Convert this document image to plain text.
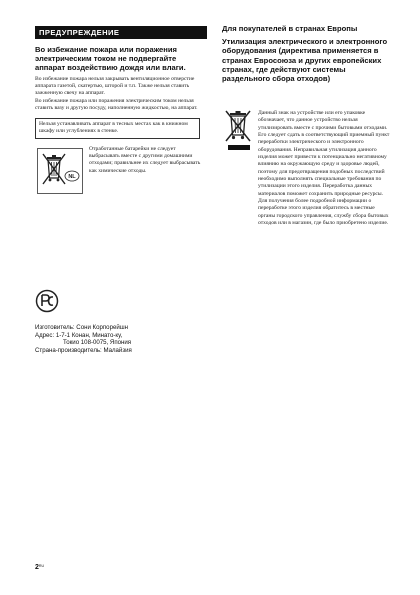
ПРЕДУПРЕЖДЕНИЕ
Во избежание пожара или поражения электрическим током не подвергайте аппарат воздействию дождя или влаги.

Во избежание пожара нельзя закрывать вентиляционное отверстие аппарата газетой, скатертью, шторой и т.п. Также нельзя ставить зажженную свечу на аппарат.

Во избежание пожара или поражения электрическим током нельзя ставить вазу и другую посуду, наполненную жидкостью, на аппарат.

Нельзя устанавливать аппарат в тесных местах как в книжном шкафу или углублениях в стенке.
NL
Отработанные батарейки не следует выбрасывать вместе с другими домашними отходами; правильнее их следует выбрасывать как химические отходы.
Изготовитель: Сони Корпорейшн
Адрес: 1-7-1 Конан, Минато-ку,
Токио 108-0075, Япония
Страна-производитель: Малайзия
Для покупателей в странах Европы
Утилизация электрического и электронного оборудования (директива применяется в странах Евросоюза и других европейских странах, где действуют системы раздельного сбора отходов)
Данный знак на устройстве или его упаковке обозначает, что данное устройство нельзя утилизировать вместе с прочими бытовыми отходами. Его следует сдать в соответствующий приемный пункт переработки электрического и электронного оборудования. Неправильная утилизация данного изделия может привести к потенциально негативному влиянию на окружающую среду и здоровье людей, поэтому для предотвращения подобных последствий необходимо выполнять специальные требования по утилизации этого изделия. Переработка данных материалов поможет сохранить природные ресурсы. Для получения более подробной информации о переработке этого изделия обратитесь в местные органы городского управления, службу сбора бытовых отходов или в магазин, где было приобретено изделие.
$2^{RU}$
